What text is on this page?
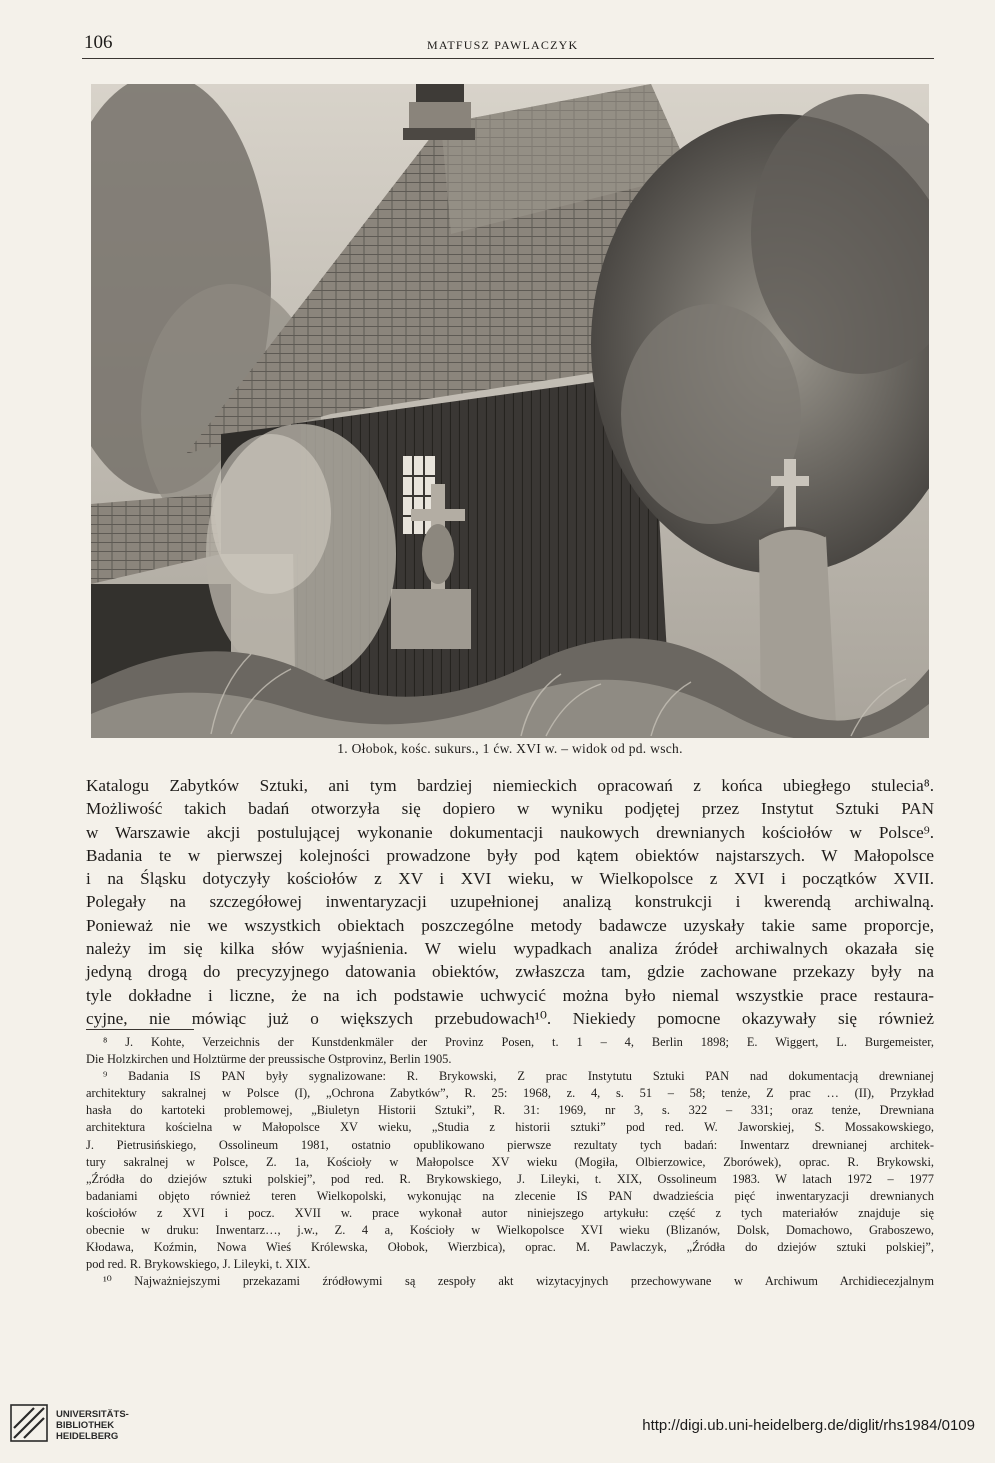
106	MATFUSZ PAWLACZYK
1. Ołobok, kośc. sukurs., 1 ćw. XVI w. – widok od pd. wsch.
Katalogu Zabytków Sztuki, ani tym bardziej niemieckich opracowań z końca ubiegłego stulecia⁸.
Możliwość takich badań otworzyła się dopiero w wyniku podjętej przez Instytut Sztuki PAN
w Warszawie akcji postulującej wykonanie dokumentacji naukowych drewnianych kościołów w Polsce⁹.
Badania te w pierwszej kolejności prowadzone były pod kątem obiektów najstarszych. W Małopolsce
i na Śląsku dotyczyły kościołów z XV i XVI wieku, w Wielkopolsce z XVI i początków XVII.
Polegały na szczegółowej inwentaryzacji uzupełnionej analizą konstrukcji i kwerendą archiwalną.
Ponieważ nie we wszystkich obiektach poszczególne metody badawcze uzyskały takie same proporcje,
należy im się kilka słów wyjaśnienia. W wielu wypadkach analiza źródeł archiwalnych okazała się
jedyną drogą do precyzyjnego datowania obiektów, zwłaszcza tam, gdzie zachowane przekazy były na
tyle dokładne i liczne, że na ich podstawie uchwycić można było niemal wszystkie prace restaura-
cyjne, nie mówiąc już o większych przebudowach¹⁰. Niekiedy pomocne okazywały się również
⁸ J. Kohte, Verzeichnis der Kunstdenkmäler der Provinz Posen, t. 1 – 4, Berlin 1898; E. Wiggert, L. Burgemeister,
Die Holzkirchen und Holztürme der preussische Ostprovinz, Berlin 1905.
⁹ Badania IS PAN były sygnalizowane: R. Brykowski, Z prac Instytutu Sztuki PAN nad dokumentacją drewnianej
architektury sakralnej w Polsce (I), „Ochrona Zabytków”, R. 25: 1968, z. 4, s. 51 – 58; tenże, Z prac … (II), Przykład
hasła do kartoteki problemowej, „Biuletyn Historii Sztuki”, R. 31: 1969, nr 3, s. 322 – 331; oraz tenże, Drewniana
architektura kościelna w Małopolsce XV wieku, „Studia z historii sztuki” pod red. W. Jaworskiej, S. Mossakowskiego,
J. Pietrusińskiego, Ossolineum 1981, ostatnio opublikowano pierwsze rezultaty tych badań: Inwentarz drewnianej architek-
tury sakralnej w Polsce, Z. 1a, Kościoły w Małopolsce XV wieku (Mogiła, Olbierzowice, Zborówek), oprac. R. Brykowski,
„Źródła do dziejów sztuki polskiej”, pod red. R. Brykowskiego, J. Lileyki, t. XIX, Ossolineum 1983. W latach 1972 – 1977
badaniami objęto również teren Wielkopolski, wykonując na zlecenie IS PAN dwadzieścia pięć inwentaryzacji drewnianych
kościołów z XVI i pocz. XVII w. prace wykonał autor niniejszego artykułu: część z tych materiałów znajduje się
obecnie w druku: Inwentarz…, j.w., Z. 4 a, Kościoły w Wielkopolsce XVI wieku (Blizanów, Dolsk, Domachowo, Graboszewo,
Kłodawa, Koźmin, Nowa Wieś Królewska, Ołobok, Wierzbica), oprac. M. Pawlaczyk, „Źródła do dziejów sztuki polskiej”,
pod red. R. Brykowskiego, J. Lileyki, t. XIX.
¹⁰ Najważniejszymi przekazami źródłowymi są zespoły akt wizytacyjnych przechowywane w Archiwum Archidiecezjalnym
UNIVERSITÄTS-
BIBLIOTHEK
HEIDELBERG
http://digi.ub.uni-heidelberg.de/diglit/rhs1984/0109
